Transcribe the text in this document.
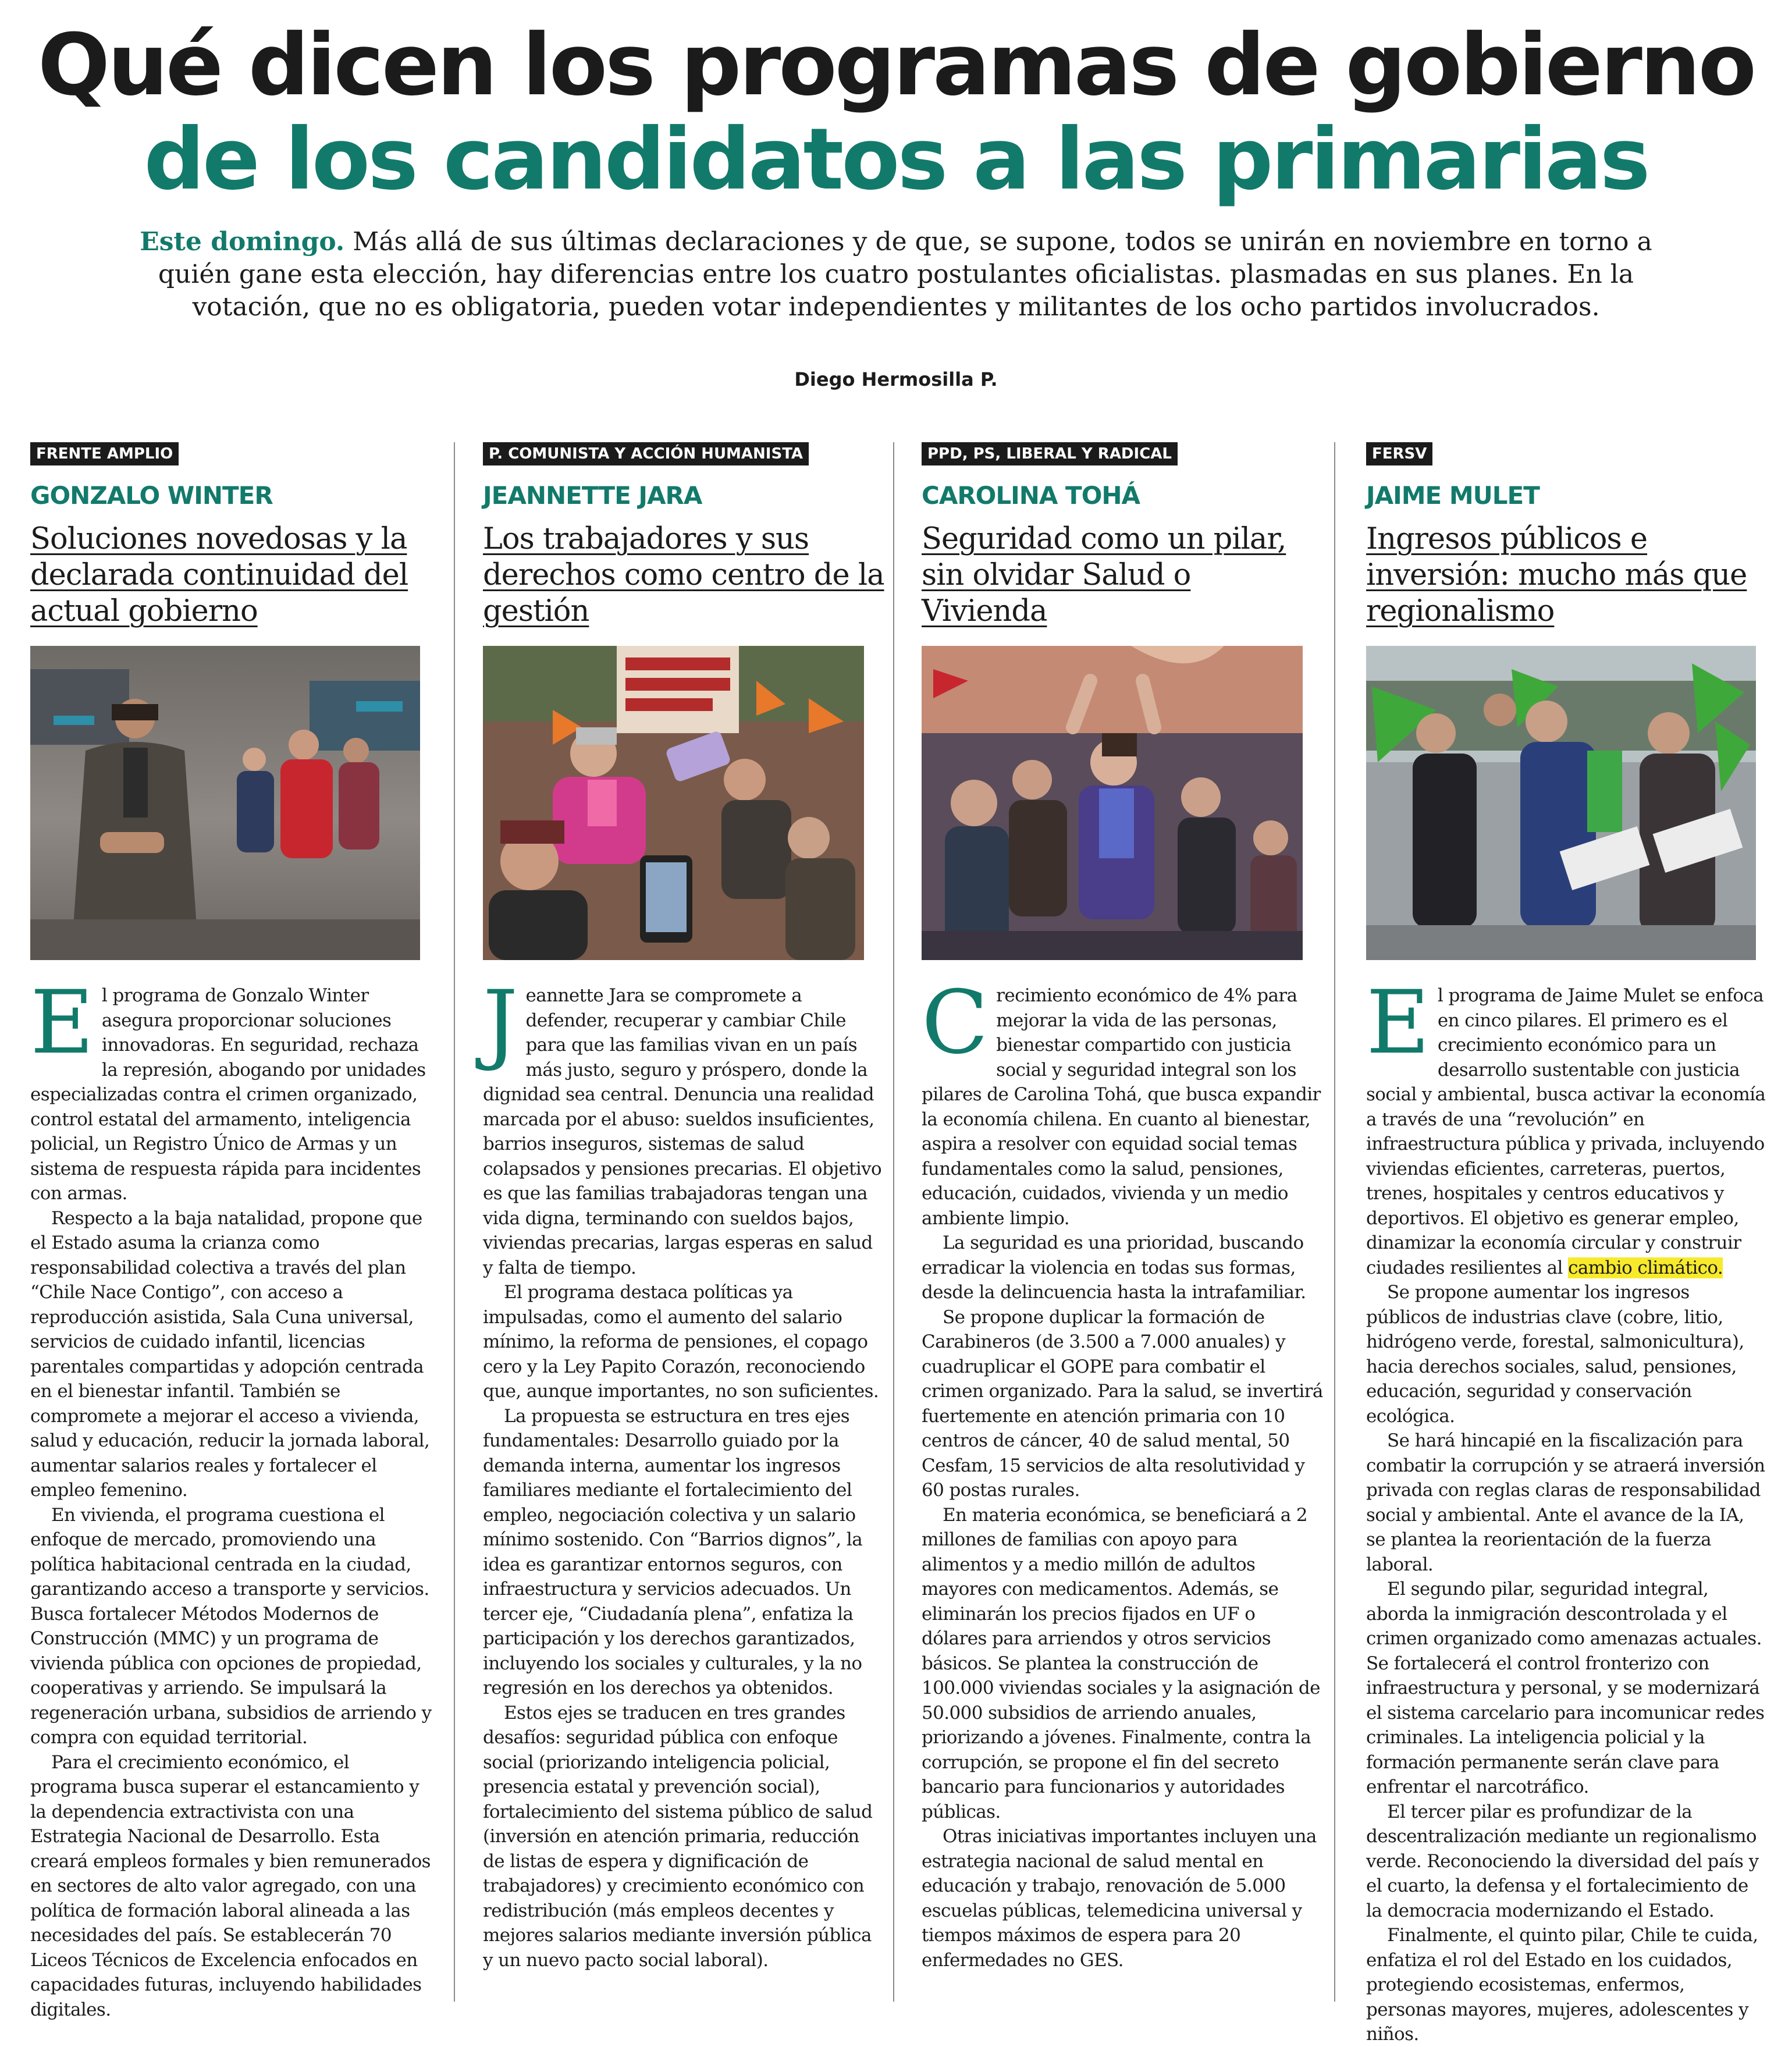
Qué dicen los programas de gobierno
de los candidatos a las primarias
Este domingo. Más allá de sus últimas declaraciones y de que, se supone, todos se unirán en noviembre en torno a quién gane esta elección, hay diferencias entre los cuatro postulantes oficialistas. plasmadas en sus planes. En la votación, que no es obligatoria, pueden votar independientes y militantes de los ocho partidos involucrados.
Diego Hermosilla P.
FRENTE AMPLIO
GONZALO WINTER
Soluciones novedosas y la declarada continuidad del actual gobierno

El programa de Gonzalo Winter asegura proporcionar soluciones innovadoras. En seguridad, rechaza la represión, abogando por unidades especializadas contra el crimen organizado, control estatal del armamento, inteligencia policial, un Registro Único de Armas y un sistema de respuesta rápida para incidentes con armas.

Respecto a la baja natalidad, propone que el Estado asuma la crianza como responsabilidad colectiva a través del plan “Chile Nace Contigo”, con acceso a reproducción asistida, Sala Cuna universal, servicios de cuidado infantil, licencias parentales compartidas y adopción centrada en el bienestar infantil. También se compromete a mejorar el acceso a vivienda, salud y educación, reducir la jornada laboral, aumentar salarios reales y fortalecer el empleo femenino.

En vivienda, el programa cuestiona el enfoque de mercado, promoviendo una política habitacional centrada en la ciudad, garantizando acceso a transporte y servicios. Busca fortalecer Métodos Modernos de Construcción (MMC) y un programa de vivienda pública con opciones de propiedad, cooperativas y arriendo. Se impulsará la regeneración urbana, subsidios de arriendo y compra con equidad territorial.

Para el crecimiento económico, el programa busca superar el estancamiento y la dependencia extractivista con una Estrategia Nacional de Desarrollo. Esta creará empleos formales y bien remunerados en sectores de alto valor agregado, con una política de formación laboral alineada a las necesidades del país. Se establecerán 70 Liceos Técnicos de Excelencia enfocados en capacidades futuras, incluyendo habilidades digitales.

P. COMUNISTA Y ACCIÓN HUMANISTA
JEANNETTE JARA
Los trabajadores y sus derechos como centro de la gestión

Jeannette Jara se compromete a defender, recuperar y cambiar Chile para que las familias vivan en un país más justo, seguro y próspero, donde la dignidad sea central. Denuncia una realidad marcada por el abuso: sueldos insuficientes, barrios inseguros, sistemas de salud colapsados y pensiones precarias. El objetivo es que las familias trabajadoras tengan una vida digna, terminando con sueldos bajos, viviendas precarias, largas esperas en salud y falta de tiempo.

El programa destaca políticas ya impulsadas, como el aumento del salario mínimo, la reforma de pensiones, el copago cero y la Ley Papito Corazón, reconociendo que, aunque importantes, no son suficientes.

La propuesta se estructura en tres ejes fundamentales: Desarrollo guiado por la demanda interna, aumentar los ingresos familiares mediante el fortalecimiento del empleo, negociación colectiva y un salario mínimo sostenido. Con “Barrios dignos”, la idea es garantizar entornos seguros, con infraestructura y servicios adecuados. Un tercer eje, “Ciudadanía plena”, enfatiza la participación y los derechos garantizados, incluyendo los sociales y culturales, y la no regresión en los derechos ya obtenidos.

Estos ejes se traducen en tres grandes desafíos: seguridad pública con enfoque social (priorizando inteligencia policial, presencia estatal y prevención social), fortalecimiento del sistema público de salud (inversión en atención primaria, reducción de listas de espera y dignificación de trabajadores) y crecimiento económico con redistribución (más empleos decentes y mejores salarios mediante inversión pública y un nuevo pacto social laboral).

PPD, PS, LIBERAL Y RADICAL
CAROLINA TOHÁ
Seguridad como un pilar, sin olvidar Salud o Vivienda

Crecimiento económico de 4% para mejorar la vida de las personas, bienestar compartido con justicia social y seguridad integral son los pilares de Carolina Tohá, que busca expandir la economía chilena. En cuanto al bienestar, aspira a resolver con equidad social temas fundamentales como la salud, pensiones, educación, cuidados, vivienda y un medio ambiente limpio.

La seguridad es una prioridad, buscando erradicar la violencia en todas sus formas, desde la delincuencia hasta la intrafamiliar.

Se propone duplicar la formación de Carabineros (de 3.500 a 7.000 anuales) y cuadruplicar el GOPE para combatir el crimen organizado. Para la salud, se invertirá fuertemente en atención primaria con 10 centros de cáncer, 40 de salud mental, 50 Cesfam, 15 servicios de alta resolutividad y 60 postas rurales.

En materia económica, se beneficiará a 2 millones de familias con apoyo para alimentos y a medio millón de adultos mayores con medicamentos. Además, se eliminarán los precios fijados en UF o dólares para arriendos y otros servicios básicos. Se plantea la construcción de 100.000 viviendas sociales y la asignación de 50.000 subsidios de arriendo anuales, priorizando a jóvenes. Finalmente, contra la corrupción, se propone el fin del secreto bancario para funcionarios y autoridades públicas.

Otras iniciativas importantes incluyen una estrategia nacional de salud mental en educación y trabajo, renovación de 5.000 escuelas públicas, telemedicina universal y tiempos máximos de espera para 20 enfermedades no GES.

FERSV
JAIME MULET
Ingresos públicos e inversión: mucho más que regionalismo

El programa de Jaime Mulet se enfoca en cinco pilares. El primero es el crecimiento económico para un desarrollo sustentable con justicia social y ambiental, busca activar la economía a través de una “revolución” en infraestructura pública y privada, incluyendo viviendas eficientes, carreteras, puertos, trenes, hospitales y centros educativos y deportivos. El objetivo es generar empleo, dinamizar la economía circular y construir ciudades resilientes al cambio climático.

Se propone aumentar los ingresos públicos de industrias clave (cobre, litio, hidrógeno verde, forestal, salmonicultura), hacia derechos sociales, salud, pensiones, educación, seguridad y conservación ecológica.

Se hará hincapié en la fiscalización para combatir la corrupción y se atraerá inversión privada con reglas claras de responsabilidad social y ambiental. Ante el avance de la IA, se plantea la reorientación de la fuerza laboral.

El segundo pilar, seguridad integral, aborda la inmigración descontrolada y el crimen organizado como amenazas actuales. Se fortalecerá el control fronterizo con infraestructura y personal, y se modernizará el sistema carcelario para incomunicar redes criminales. La inteligencia policial y la formación permanente serán clave para enfrentar el narcotráfico.

El tercer pilar es profundizar de la descentralización mediante un regionalismo verde. Reconociendo la diversidad del país y el cuarto, la defensa y el fortalecimiento de la democracia modernizando el Estado.

Finalmente, el quinto pilar, Chile te cuida, enfatiza el rol del Estado en los cuidados, protegiendo ecosistemas, enfermos, personas mayores, mujeres, adolescentes y niños.
